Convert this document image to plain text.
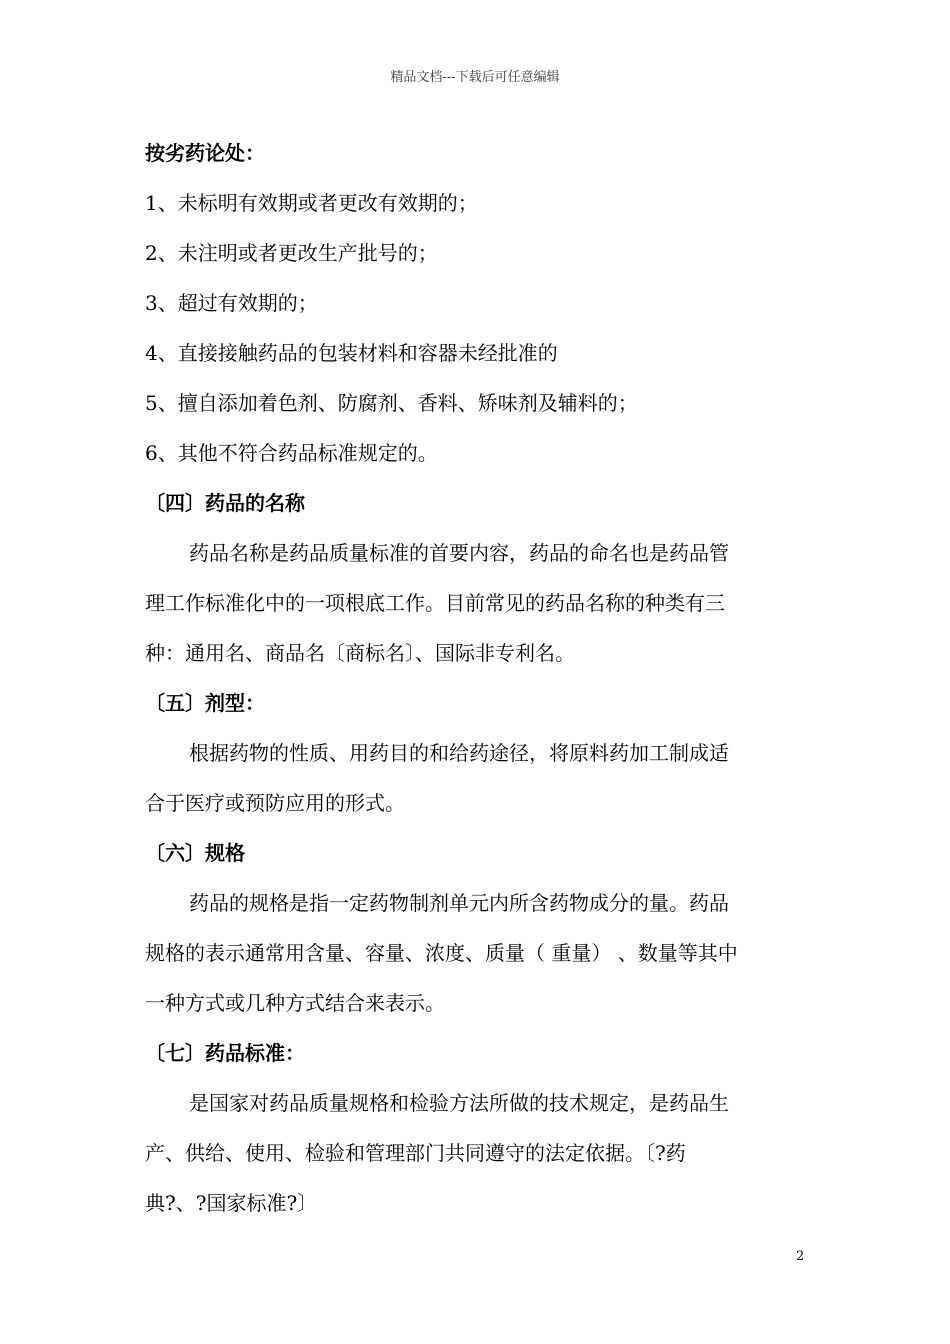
精品文档---下载后可任意编辑
按劣药论处：
1、未标明有效期或者更改有效期的；
2、未注明或者更改生产批号的；
3、超过有效期的；
4、直接接触药品的包装材料和容器未经批准的
5、擅自添加着色剂、防腐剂、香料、矫味剂及辅料的；
6、其他不符合药品标准规定的。
〔四〕药品的名称
药品名称是药品质量标准的首要内容，药品的命名也是药品管
理工作标准化中的一项根底工作。目前常见的药品名称的种类有三
种：通用名、商品名〔商标名〕、国际非专利名。
〔五〕剂型：
根据药物的性质、用药目的和给药途径，将原料药加工制成适
合于医疗或预防应用的形式。
〔六〕规格
药品的规格是指一定药物制剂单元内所含药物成分的量。药品
规格的表示通常用含量、容量、浓度、质量（ 重量） 、数量等其中
一种方式或几种方式结合来表示。
〔七〕药品标准：
是国家对药品质量规格和检验方法所做的技术规定，是药品生
产、供给、使用、检验和管理部门共同遵守的法定依据。〔?药
典?、?国家标准?〕
2
